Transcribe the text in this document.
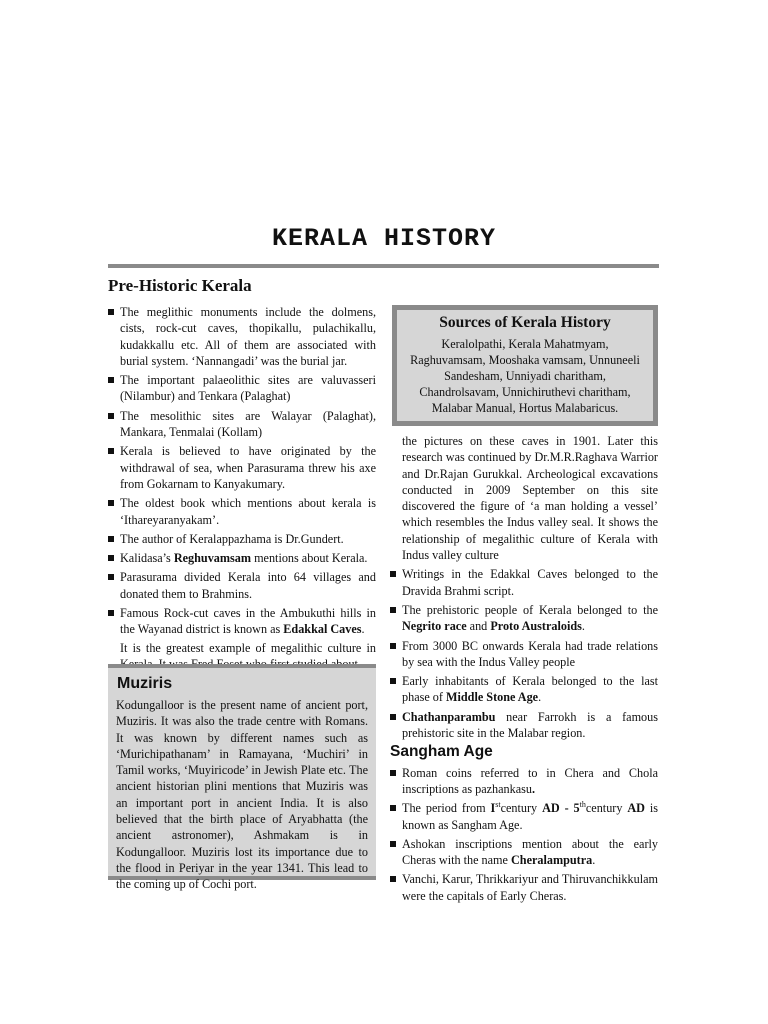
KERALA HISTORY
Pre-Historic Kerala
The meglithic monuments include the dolmens, cists, rock-cut caves, thopikallu, pulachikallu, kudakkallu etc. All of them are associated with burial system. ‘Nannangadi’ was the burial jar.
The important palaeolithic sites are valuvasseri (Nilambur) and Tenkara (Palaghat)
The mesolithic sites are Walayar (Palaghat), Mankara, Tenmalai (Kollam)
Kerala is believed to have originated by the withdrawal of sea, when Parasurama threw his axe from Gokarnam to Kanyakumary.
The oldest book which mentions about kerala is ‘Ithareyaranyakam’.
The author of Keralappazhama is Dr.Gundert.
Kalidasa’s Reghuvamsam mentions about Kerala.
Parasurama divided Kerala into 64 villages and donated them to Brahmins.
Famous Rock-cut caves in the Ambukuthi hills in the Wayanad district is known as Edakkal Caves.

It is the greatest example of megalithic culture in

Sources of Kerala History
Keralolpathi, Kerala Mahatmyam, Raghuvamsam, Mooshaka vamsam, Unnuneeli Sandesham, Unniyadi charitham, Chandrolsavam, Unnichiruthevi charitham, Malabar Manual, Hortus Malabaricus.
Muziris
Kodungalloor is the present name of ancient port, Muziris. It was also the trade centre with Romans. It was known by different names such as ‘Murichipathanam’ in Ramayana, ‘Muchiri’ in Tamil works, ‘Muyiricode’ in Jewish Plate etc. The ancient historian plini mentions that Muziris was an important port in ancient India. It is also believed that the birth place of Aryabhatta (the ancient astronomer), Ashmakam is in Kodungalloor. Muziris lost its importance due to the flood in Periyar in the year 1341. This lead to the coming up of Cochi port.

the pictures on these caves in 1901. Later this research was continued by Dr.M.R.Raghava Warrior and Dr.Rajan Gurukkal. Archeological excavations conducted in 2009 September on this site discovered the figure of ‘a man holding a vessel’ which resembles the Indus valley seal. It shows the relationship of megalithic culture of Kerala with Indus valley culture

Writings in the Edakkal Caves belonged to the Dravida Brahmi script.
The prehistoric people of Kerala belonged to the Negrito race and Proto Australoids.
From 3000 BC onwards Kerala had trade relations by sea with the Indus Valley people
Early inhabitants of Kerala belonged to the last phase of Middle Stone Age.
Chathanparambu near Farrokh is a famous prehistoric site in the Malabar region.
Sangham Age
Roman coins referred to in Chera and Chola inscriptions as pazhankasu.
The period from Istcentury AD - 5thcentury AD is known as Sangham Age.
Ashokan inscriptions mention about the early Cheras with the name Cheralamputra.
Vanchi, Karur, Thrikkariyur and Thiruvanchikkulam were the capitals of Early Cheras.
